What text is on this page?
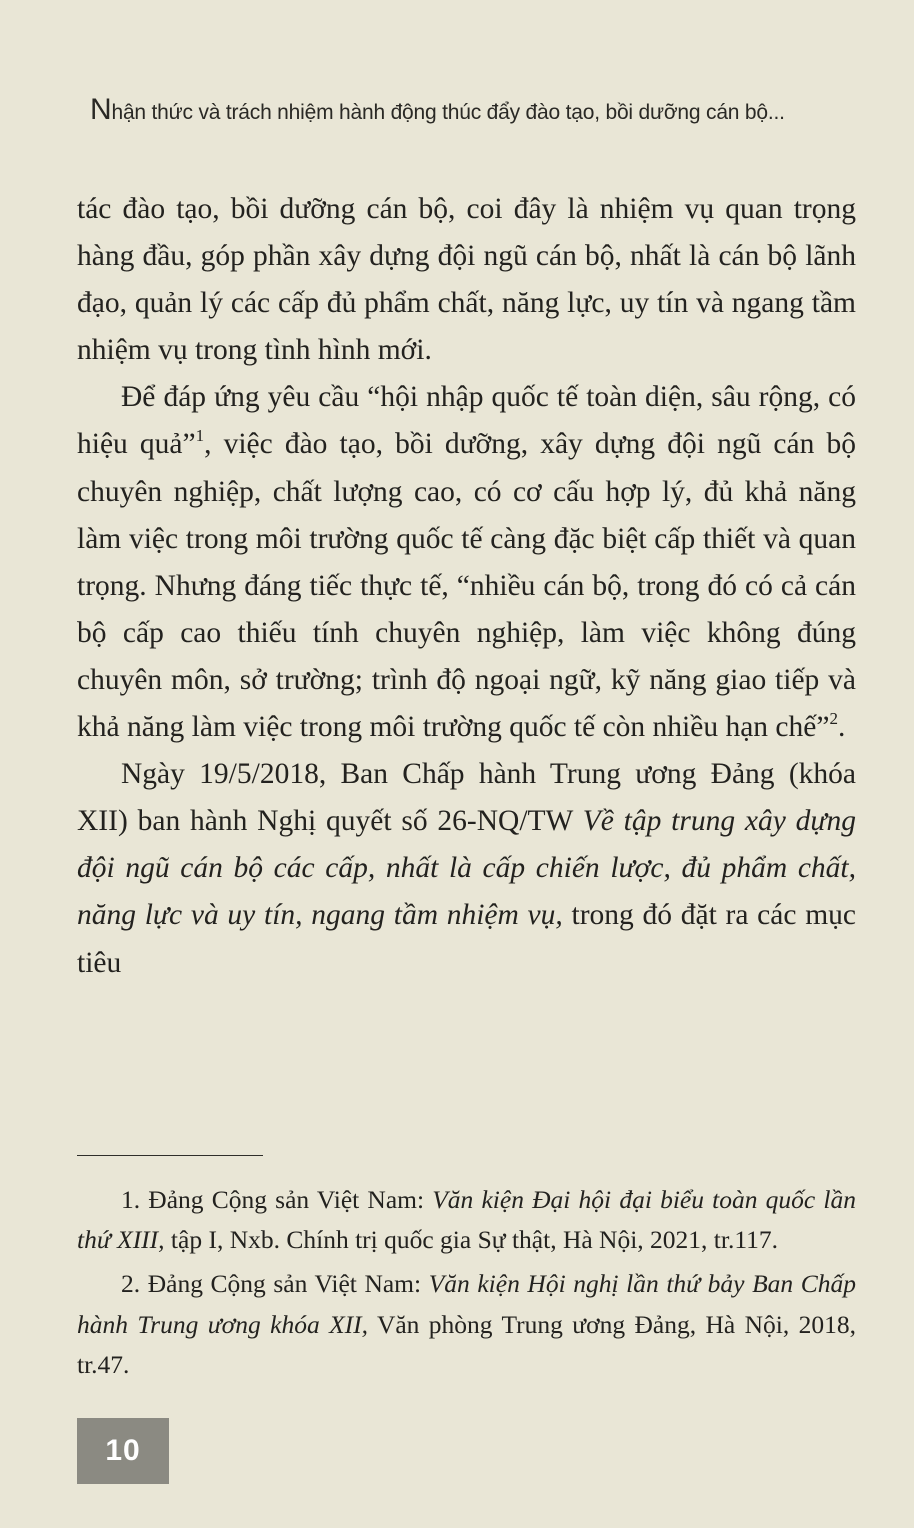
Nhận thức và trách nhiệm hành động thúc đẩy đào tạo, bồi dưỡng cán bộ...

tác đào tạo, bồi dưỡng cán bộ, coi đây là nhiệm vụ quan trọng hàng đầu, góp phần xây dựng đội ngũ cán bộ, nhất là cán bộ lãnh đạo, quản lý các cấp đủ phẩm chất, năng lực, uy tín và ngang tầm nhiệm vụ trong tình hình mới.

Để đáp ứng yêu cầu “hội nhập quốc tế toàn diện, sâu rộng, có hiệu quả”$^1$, việc đào tạo, bồi dưỡng, xây dựng đội ngũ cán bộ chuyên nghiệp, chất lượng cao, có cơ cấu hợp lý, đủ khả năng làm việc trong môi trường quốc tế càng đặc biệt cấp thiết và quan trọng. Nhưng đáng tiếc thực tế, “nhiều cán bộ, trong đó có cả cán bộ cấp cao thiếu tính chuyên nghiệp, làm việc không đúng chuyên môn, sở trường; trình độ ngoại ngữ, kỹ năng giao tiếp và khả năng làm việc trong môi trường quốc tế còn nhiều hạn chế”$^2$.

Ngày 19/5/2018, Ban Chấp hành Trung ương Đảng (khóa XII) ban hành Nghị quyết số 26-NQ/TW Về tập trung xây dựng đội ngũ cán bộ các cấp, nhất là cấp chiến lược, đủ phẩm chất, năng lực và uy tín, ngang tầm nhiệm vụ, trong đó đặt ra các mục tiêu

1. Đảng Cộng sản Việt Nam: Văn kiện Đại hội đại biểu toàn quốc lần thứ XIII, tập I, Nxb. Chính trị quốc gia Sự thật, Hà Nội, 2021, tr.117.

2. Đảng Cộng sản Việt Nam: Văn kiện Hội nghị lần thứ bảy Ban Chấp hành Trung ương khóa XII, Văn phòng Trung ương Đảng, Hà Nội, 2018, tr.47.

10
